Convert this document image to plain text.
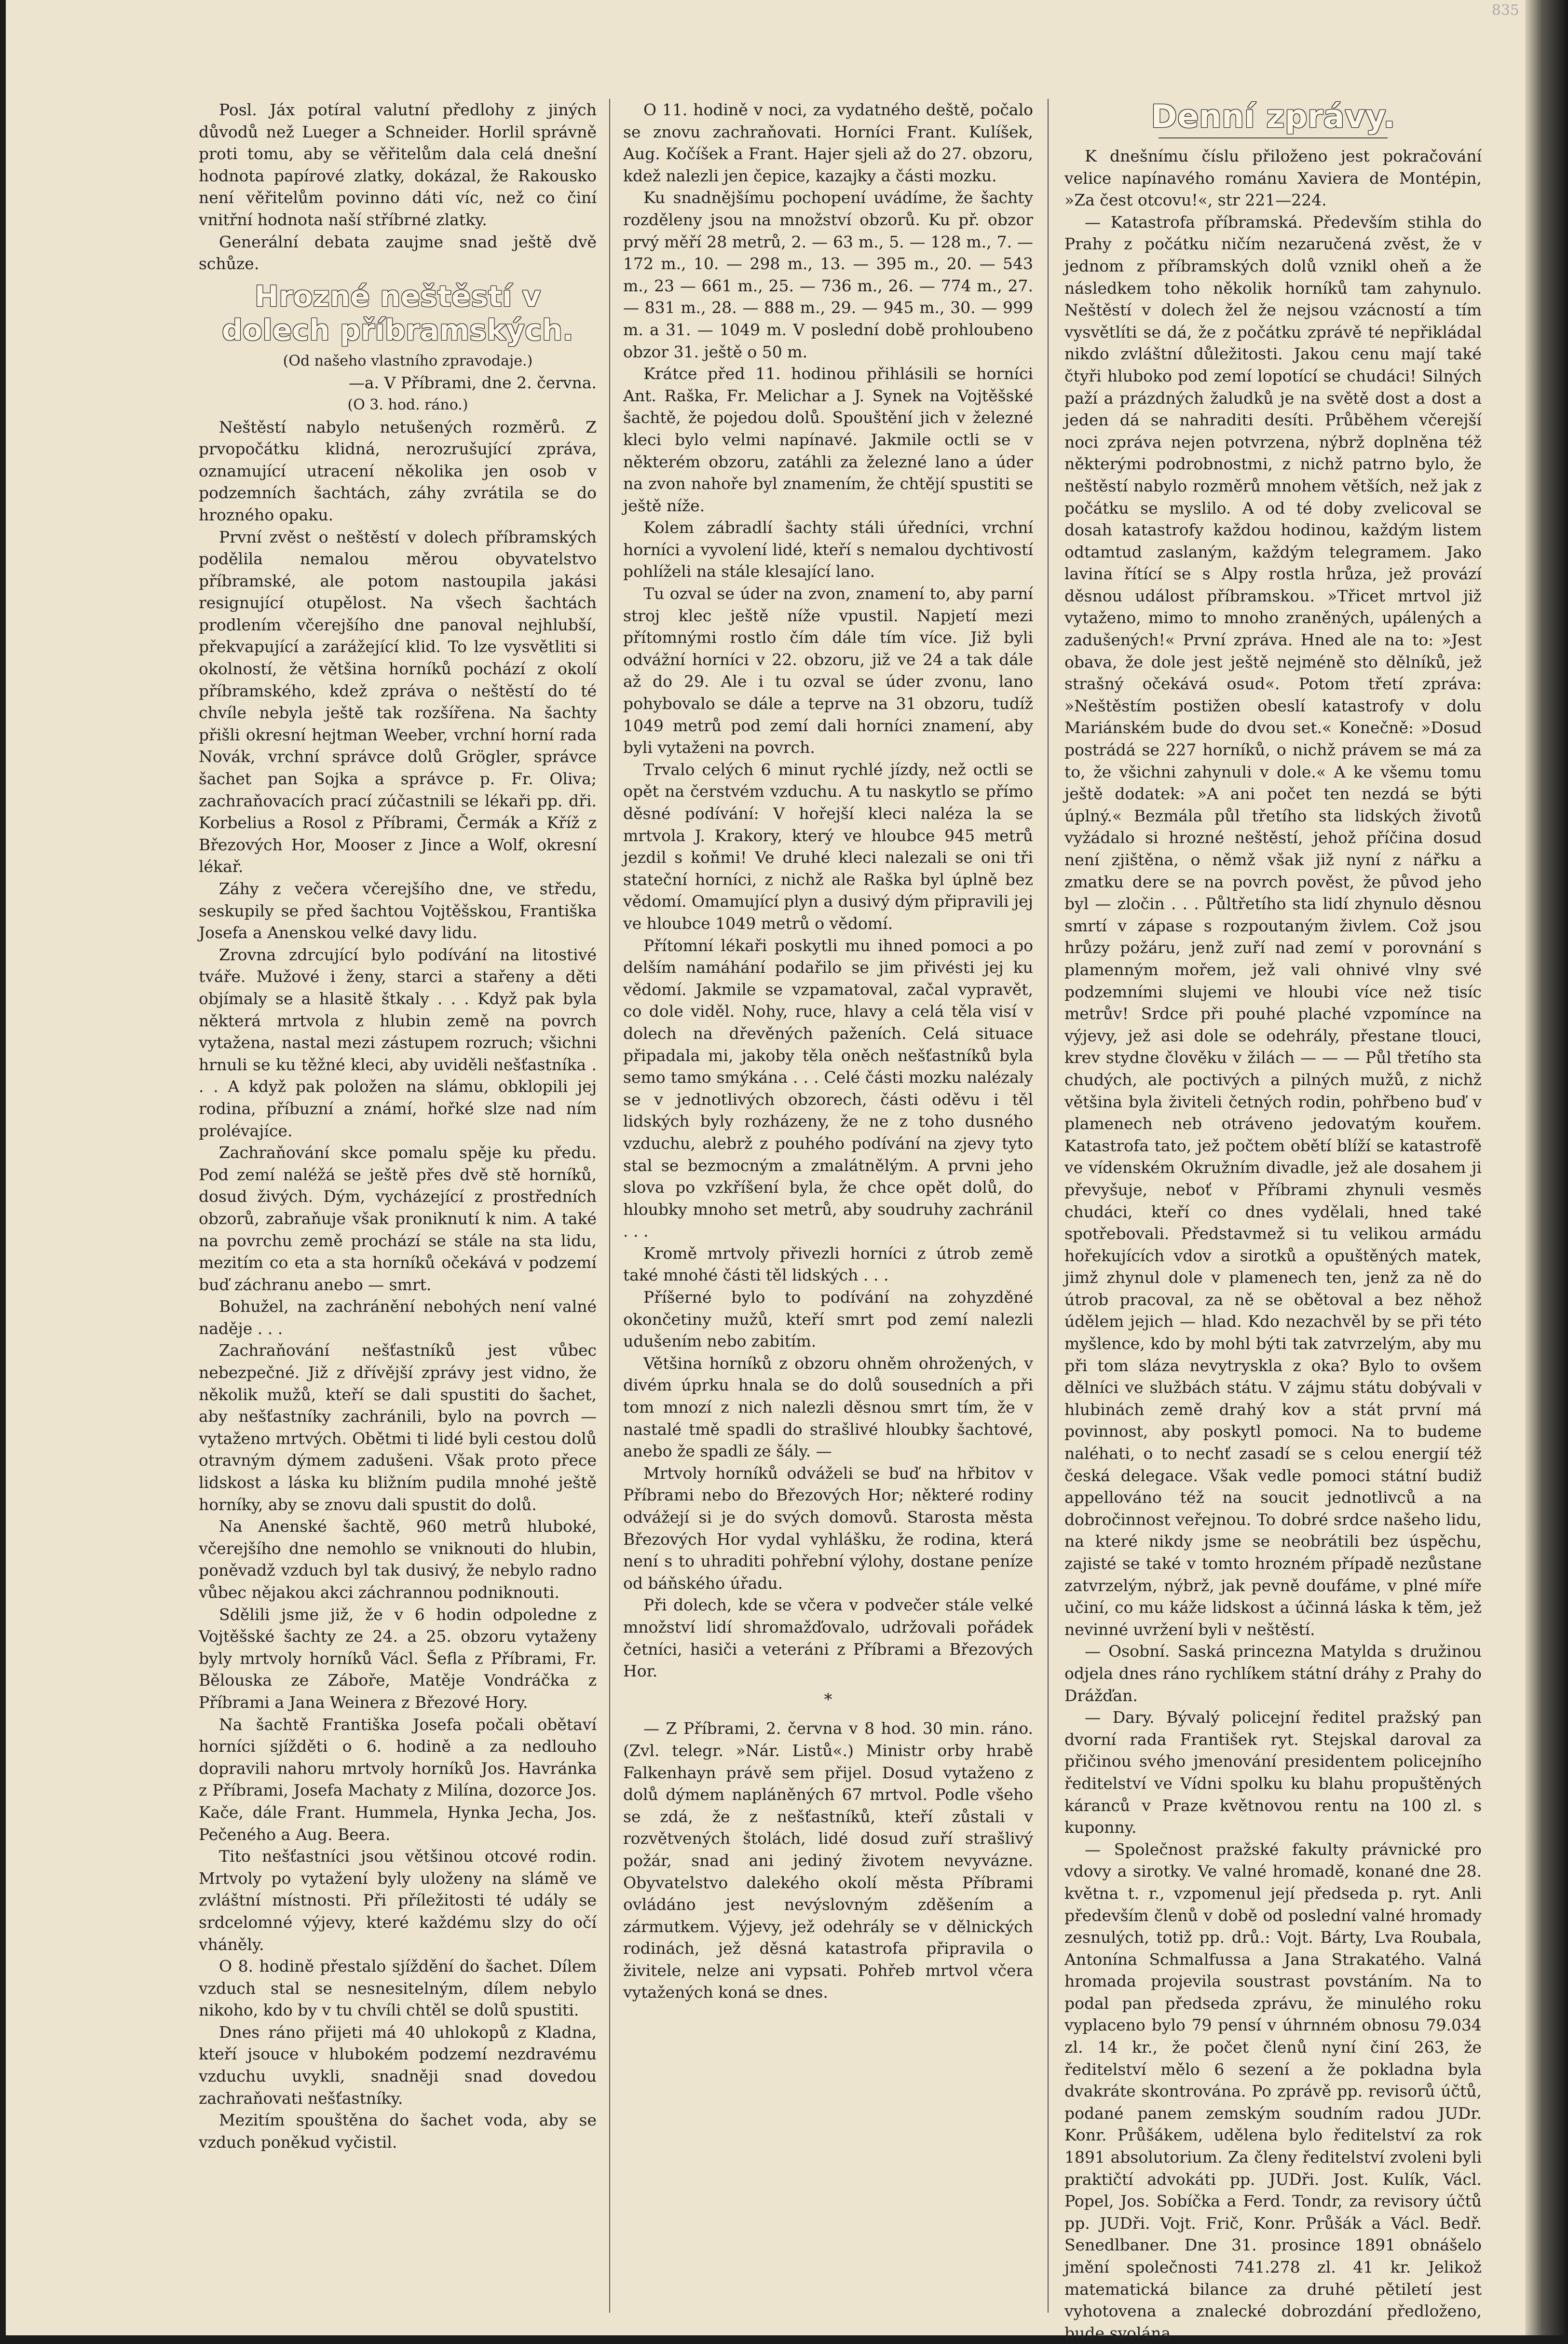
835

Posl. Jáx potíral valutní předlohy z jiných důvodů než Lueger a Schneider. Horlil správně proti tomu, aby se věřitelům dala celá dnešní hodnota papírové zlatky, dokázal, že Rakousko není věřitelům povinno dáti víc, než co činí vnitřní hodnota naší stříbrné zlatky.

Generální debata zaujme snad ještě dvě schůze.

Hrozné neštěstí v dolech příbramských.

(Od našeho vlastního zpravodaje.)

—a. V Příbrami, dne 2. června.

(O 3. hod. ráno.)

Neštěstí nabylo netušených rozměrů. Z prvopočátku klidná, nerozrušující zpráva, oznamující utracení několika jen osob v podzemních šachtách, záhy zvrátila se do hrozného opaku.

První zvěst o neštěstí v dolech příbramských podělila nemalou měrou obyvatelstvo příbramské, ale potom nastoupila jakási resignující otupělost. Na všech šachtách prodlením včerejšího dne panoval nejhlubší, překvapující a zarážející klid. To lze vysvětliti si okolností, že většina horníků pochází z okolí příbramského, kdež zpráva o neštěstí do té chvíle nebyla ještě tak rozšířena. Na šachty přišli okresní hejtman Weeber, vrchní horní rada Novák, vrchní správce dolů Grögler, správce šachet pan Sojka a správce p. Fr. Oliva; zachraňovacích prací zúčastnili se lékaři pp. dři. Korbelius a Rosol z Příbrami, Čermák a Kříž z Březových Hor, Mooser z Jince a Wolf, okresní lékař.

Záhy z večera včerejšího dne, ve středu, seskupily se před šachtou Vojtěšskou, Františka Josefa a Anenskou velké davy lidu.

Zrovna zdrcující bylo podívání na litostivé tváře. Mužové i ženy, starci a stařeny a děti objímaly se a hlasitě štkaly . . . Když pak byla některá mrtvola z hlubin země na povrch vytažena, nastal mezi zástupem rozruch; všichni hrnuli se ku těžné kleci, aby uviděli nešťastníka . . . A když pak položen na slámu, obklopili jej rodina, příbuzní a známí, hořké slze nad ním prolévajíce.

Zachraňování skce pomalu spěje ku předu. Pod zemí naléžá se ještě přes dvě stě horníků, dosud živých. Dým, vycházející z prostředních obzorů, zabraňuje však proniknutí k nim. A také na povrchu země prochází se stále na sta lidu, mezitím co eta a sta horníků očekává v podzemí buď záchranu anebo — smrt.

Bohužel, na zachránění nebohých není valné naděje . . .

Zachraňování nešťastníků jest vůbec nebezpečné. Již z dřívější zprávy jest vidno, že několik mužů, kteří se dali spustiti do šachet, aby nešťastníky zachránili, bylo na povrch — vytaženo mrtvých. Obětmi ti lidé byli cestou dolů otravným dýmem zadušeni. Však proto přece lidskost a láska ku bližním pudila mnohé ještě horníky, aby se znovu dali spustit do dolů.

Na Anenské šachtě, 960 metrů hluboké, včerejšího dne nemohlo se vniknouti do hlubin, poněvadž vzduch byl tak dusivý, že nebylo radno vůbec nějakou akci záchrannou podniknouti.

Sdělili jsme již, že v 6 hodin odpoledne z Vojtěšské šachty ze 24. a 25. obzoru vytaženy byly mrtvoly horníků Václ. Šefla z Příbrami, Fr. Bělouska ze Záboře, Matěje Vondráčka z Příbrami a Jana Weinera z Březové Hory.

Na šachtě Františka Josefa počali obětaví horníci sjížděti o 6. hodině a za nedlouho dopravili nahoru mrtvoly horníků Jos. Havránka z Příbrami, Josefa Machaty z Milína, dozorce Jos. Kače, dále Frant. Hummela, Hynka Jecha, Jos. Pečeného a Aug. Beera.

Tito nešťastníci jsou většinou otcové rodin. Mrtvoly po vytažení byly uloženy na slámě ve zvláštní místnosti. Při příležitosti té udály se srdcelomné výjevy, které každému slzy do očí vháněly.

O 8. hodině přestalo sjíždění do šachet. Dílem vzduch stal se nesnesitelným, dílem nebylo nikoho, kdo by v tu chvíli chtěl se dolů spustiti.

Dnes ráno přijeti má 40 uhlokopů z Kladna, kteří jsouce v hlubokém podzemí nezdravému vzduchu uvykli, snadněji snad dovedou zachraňovati nešťastníky.

Mezitím spouštěna do šachet voda, aby se vzduch poněkud vyčistil.

O 11. hodině v noci, za vydatného deště, počalo se znovu zachraňovati. Horníci Frant. Kulíšek, Aug. Kočíšek a Frant. Hajer sjeli až do 27. obzoru, kdež nalezli jen čepice, kazajky a části mozku.

Ku snadnějšímu pochopení uvádíme, že šachty rozděleny jsou na množství obzorů. Ku př. obzor prvý měří 28 metrů, 2. — 63 m., 5. — 128 m., 7. — 172 m., 10. — 298 m., 13. — 395 m., 20. — 543 m., 23 — 661 m., 25. — 736 m., 26. — 774 m., 27. — 831 m., 28. — 888 m., 29. — 945 m., 30. — 999 m. a 31. — 1049 m. V poslední době prohloubeno obzor 31. ještě o 50 m.

Krátce před 11. hodinou přihlásili se horníci Ant. Raška, Fr. Melichar a J. Synek na Vojtěšské šachtě, že pojedou dolů. Spouštění jich v železné kleci bylo velmi napínavé. Jakmile octli se v některém obzoru, zatáhli za železné lano a úder na zvon nahoře byl znamením, že chtějí spustiti se ještě níže.

Kolem zábradlí šachty stáli úředníci, vrchní horníci a vyvolení lidé, kteří s nemalou dychtivostí pohlíželi na stále klesající lano.

Tu ozval se úder na zvon, znamení to, aby parní stroj klec ještě níže vpustil. Napjetí mezi přítomnými rostlo čím dále tím více. Již byli odvážní horníci v 22. obzoru, již ve 24 a tak dále až do 29. Ale i tu ozval se úder zvonu, lano pohybovalo se dále a teprve na 31 obzoru, tudíž 1049 metrů pod zemí dali horníci znamení, aby byli vytaženi na povrch.

Trvalo celých 6 minut rychlé jízdy, než octli se opět na čerstvém vzduchu. A tu naskytlo se přímo děsné podívání: V hořejší kleci naléza la se mrtvola J. Krakory, který ve hloubce 945 metrů jezdil s koňmi! Ve druhé kleci nalezali se oni tři stateční horníci, z nichž ale Raška byl úplně bez vědomí. Omamující plyn a dusivý dým připravili jej ve hloubce 1049 metrů o vědomí.

Přítomní lékaři poskytli mu ihned pomoci a po delším namáhání podařilo se jim přivésti jej ku vědomí. Jakmile se vzpamatoval, začal vypravět, co dole viděl. Nohy, ruce, hlavy a celá těla visí v dolech na dřevěných paženích. Celá situace připadala mi, jakoby těla oněch nešťastníků byla semo tamo smýkána . . . Celé části mozku nalézaly se v jednotlivých obzorech, části oděvu i těl lidských byly rozházeny, že ne z toho dusného vzduchu, alebrž z pouhého podívání na zjevy tyto stal se bezmocným a zmalátnělým. A prvni jeho slova po vzkříšení byla, že chce opět dolů, do hloubky mnoho set metrů, aby soudruhy zachránil . . .

Kromě mrtvoly přivezli horníci z útrob země také mnohé části těl lidských . . .

Příšerné bylo to podívání na zohyzděné okončetiny mužů, kteří smrt pod zemí nalezli udušením nebo zabitím.

Většina horníků z obzoru ohněm ohrožených, v divém úprku hnala se do dolů sousedních a při tom mnozí z nich nalezli děsnou smrt tím, že v nastalé tmě spadli do strašlivé hloubky šachtové, anebo že spadli ze šály. —

Mrtvoly horníků odváželi se buď na hřbitov v Příbrami nebo do Březových Hor; některé rodiny odvážejí si je do svých domovů. Starosta města Březových Hor vydal vyhlášku, že rodina, která není s to uhraditi pohřební výlohy, dostane peníze od báňského úřadu.

Při dolech, kde se včera v podvečer stále velké množství lidí shromažďovalo, udržovali pořádek četníci, hasiči a veteráni z Příbrami a Březových Hor.

*

— Z Příbrami, 2. června v 8 hod. 30 min. ráno. (Zvl. telegr. »Nár. Listů«.) Ministr orby hrabě Falkenhayn právě sem přijel. Dosud vytaženo z dolů dýmem napláněných 67 mrtvol. Podle všeho se zdá, že z nešťastníků, kteří zůstali v rozvětvených štolách, lidé dosud zuří strašlivý požár, snad ani jediný životem nevyvázne. Obyvatelstvo dalekého okolí města Příbrami ovládáno jest nevýslovným zděšením a zármutkem. Výjevy, jež odehrály se v dělnických rodinách, jež děsná katastrofa připravila o živitele, nelze ani vypsati. Pohřeb mrtvol včera vytažených koná se dnes.

Denní zprávy.

K dnešnímu číslu přiloženo jest pokračování velice napínavého románu Xaviera de Montépin, »Za čest otcovu!«, str 221—224.

— Katastrofa příbramská. Především stihla do Prahy z počátku ničím nezaručená zvěst, že v jednom z příbramských dolů vznikl oheň a že následkem toho několik horníků tam zahynulo. Neštěstí v dolech žel že nejsou vzácností a tím vysvětlíti se dá, že z počátku zprávě té nepřikládal nikdo zvláštní důležitosti. Jakou cenu mají také čtyři hluboko pod zemí lopotící se chudáci! Silných paží a prázdných žaludků je na světě dost a dost a jeden dá se nahraditi desíti. Průběhem včerejší noci zpráva nejen potvrzena, nýbrž doplněna též některými podrobnostmi, z nichž patrno bylo, že neštěstí nabylo rozměrů mnohem větších, než jak z počátku se myslilo. A od té doby zvelicoval se dosah katastrofy každou hodinou, každým listem odtamtud zaslaným, každým telegramem. Jako lavina řítící se s Alpy rostla hrůza, jež provází děsnou událost příbramskou. »Třicet mrtvol již vytaženo, mimo to mnoho zraněných, upálených a zadušených!« První zpráva. Hned ale na to: »Jest obava, že dole jest ještě nejméně sto dělníků, jež strašný očekává osud«. Potom třetí zpráva: »Neštěstím postižen obeslí katastrofy v dolu Mariánském bude do dvou set.« Konečně: »Dosud postrádá se 227 horníků, o nichž právem se má za to, že všichni zahynuli v dole.« A ke všemu tomu ještě dodatek: »A ani počet ten nezdá se býti úplný.« Bezmála půl třetího sta lidských životů vyžádalo si hrozné neštěstí, jehož příčina dosud není zjištěna, o němž však již nyní z nářku a zmatku dere se na povrch pověst, že původ jeho byl — zločin . . . Půltřetího sta lidí zhynulo děsnou smrtí v zápase s rozpoutaným živlem. Což jsou hrůzy požáru, jenž zuří nad zemí v porovnání s plamenným mořem, jež vali ohnivé vlny své podzemními slujemi ve hloubi více než tisíc metrův! Srdce při pouhé plaché vzpomínce na výjevy, jež asi dole se odehrály, přestane tlouci, krev stydne člověku v žilách — — — Půl třetího sta chudých, ale poctivých a pilných mužů, z nichž většina byla živiteli četných rodin, pohřbeno buď v plamenech neb otráveno jedovatým kouřem. Katastrofa tato, jež počtem obětí blíží se katastrofě ve vídenském Okružním divadle, jež ale dosahem ji převyšuje, neboť v Příbrami zhynuli vesměs chudáci, kteří co dnes vydělali, hned také spotřebovali. Představmež si tu velikou armádu hořekujících vdov a sirotků a opuštěných matek, jimž zhynul dole v plamenech ten, jenž za ně do útrob pracoval, za ně se obětoval a bez něhož údělem jejich — hlad. Kdo nezachvěl by se při této myšlence, kdo by mohl býti tak zatvrzelým, aby mu při tom sláza nevytryskla z oka? Bylo to ovšem dělníci ve službách státu. V zájmu státu dobývali v hlubinách země drahý kov a stát první má povinnost, aby poskytl pomoci. Na to budeme naléhati, o to nechť zasadí se s celou energií též česká delegace. Však vedle pomoci státní budiž appellováno též na soucit jednotlivců a na dobročinnost veřejnou. To dobré srdce našeho lidu, na které nikdy jsme se neobrátili bez úspěchu, zajisté se také v tomto hrozném případě nezůstane zatvrzelým, nýbrž, jak pevně doufáme, v plné míře učiní, co mu káže lidskost a účinná láska k těm, jež nevinné uvržení byli v neštěstí.

— Osobní. Saská princezna Matylda s družinou odjela dnes ráno rychlíkem státní dráhy z Prahy do Drážďan.

— Dary. Bývalý policejní ředitel pražský pan dvorní rada František ryt. Stejskal daroval za přičinou svého jmenování presidentem policejního ředitelství ve Vídni spolku ku blahu propuštěných káranců v Praze květnovou rentu na 100 zl. s kuponny.

— Společnost pražské fakulty právnické pro vdovy a sirotky. Ve valné hromadě, konané dne 28. května t. r., vzpomenul její předseda p. ryt. Anli především členů v době od poslední valné hromady zesnulých, totiž pp. drů.: Vojt. Bárty, Lva Roubala, Antonína Schmalfussa a Jana Strakatého. Valná hromada projevila soustrast povstáním. Na to podal pan předseda zprávu, že minulého roku vyplaceno bylo 79 pensí v úhrnném obnosu 79.034 zl. 14 kr., že počet členů nyní činí 263, že ředitelství mělo 6 sezení a že pokladna byla dvakráte skontrována. Po zprávě pp. revisorů účtů, podané panem zemským soudním radou JUDr. Konr. Průšákem, udělena bylo ředitelství za rok 1891 absolutorium. Za členy ředitelství zvoleni byli praktičtí advokáti pp. JUDři. Jost. Kulík, Václ. Popel, Jos. Sobíčka a Ferd. Tondr, za revisory účtů pp. JUDři. Vojt. Frič, Konr. Průšák a Václ. Bedř. Senedlbaner. Dne 31. prosince 1891 obnášelo jmění společnosti 741.278 zl. 41 kr. Jelikož matematická bilance za druhé pětiletí jest vyhotovena a znalecké dobrozdání předloženo, bude svolána
